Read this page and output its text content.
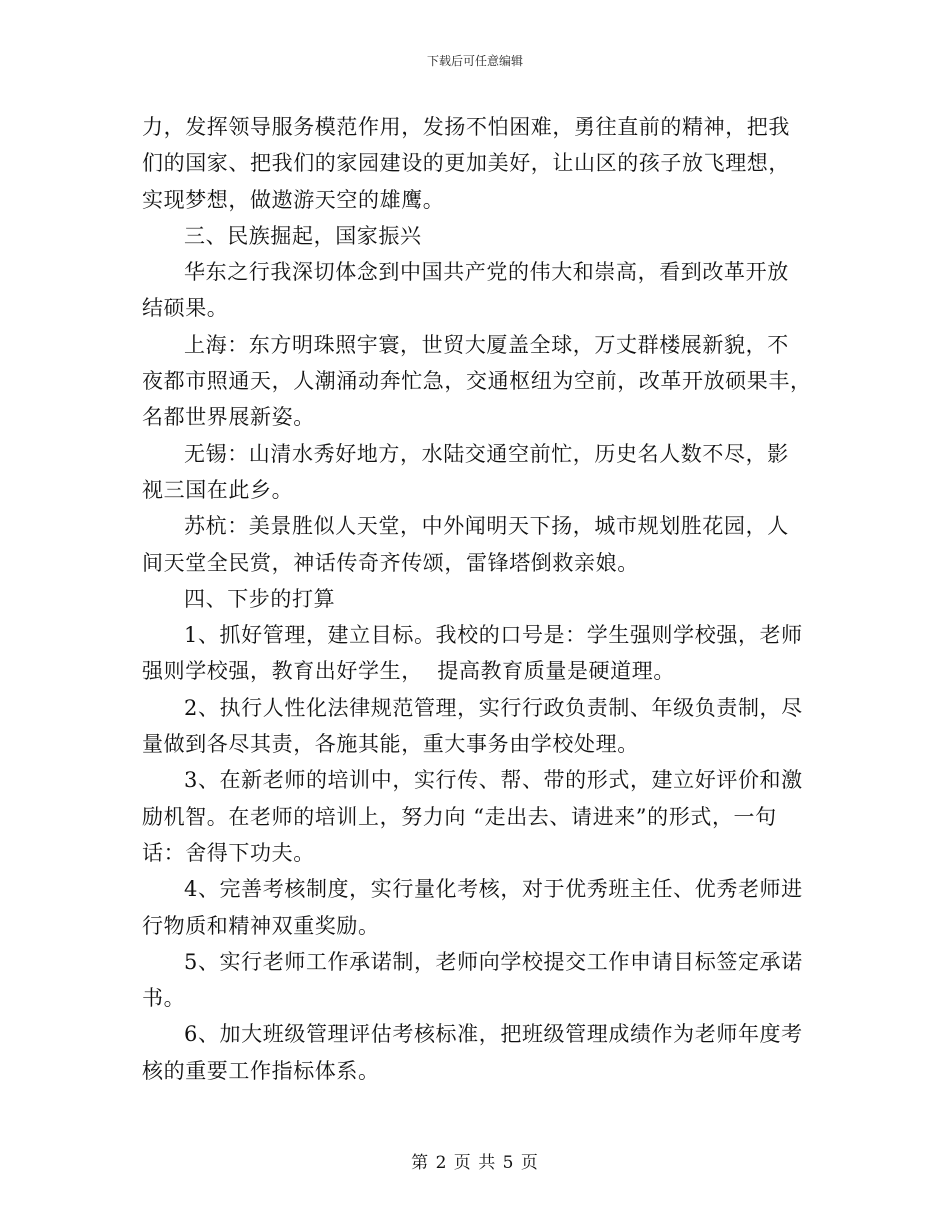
下载后可任意编辑
力，发挥领导服务模范作用，发扬不怕困难，勇往直前的精神，把我
们的国家、把我们的家园建设的更加美好，让山区的孩子放飞理想，
实现梦想，做遨游天空的雄鹰。
三、民族掘起，国家振兴
华东之行我深切体念到中国共产党的伟大和崇高，看到改革开放
结硕果。
上海：东方明珠照宇寰，世贸大厦盖全球，万丈群楼展新貌，不
夜都市照通天，人潮涌动奔忙急，交通枢纽为空前，改革开放硕果丰，
名都世界展新姿。
无锡：山清水秀好地方，水陆交通空前忙，历史名人数不尽，影
视三国在此乡。
苏杭：美景胜似人天堂，中外闻明天下扬，城市规划胜花园，人
间天堂全民赏，神话传奇齐传颂，雷锋塔倒救亲娘。
四、下步的打算
1、抓好管理，建立目标。我校的口号是：学生强则学校强，老师
强则学校强，教育出好学生，  提高教育质量是硬道理。
2、执行人性化法律规范管理，实行行政负责制、年级负责制，尽
量做到各尽其责，各施其能，重大事务由学校处理。
3、在新老师的培训中，实行传、帮、带的形式，建立好评价和激
励机智。在老师的培训上，努力向 “走出去、请进来”的形式，一句
话：舍得下功夫。
4、完善考核制度，实行量化考核，对于优秀班主任、优秀老师进
行物质和精神双重奖励。
5、实行老师工作承诺制，老师向学校提交工作申请目标签定承诺
书。
6、加大班级管理评估考核标准，把班级管理成绩作为老师年度考
核的重要工作指标体系。
第 2 页 共 5 页
